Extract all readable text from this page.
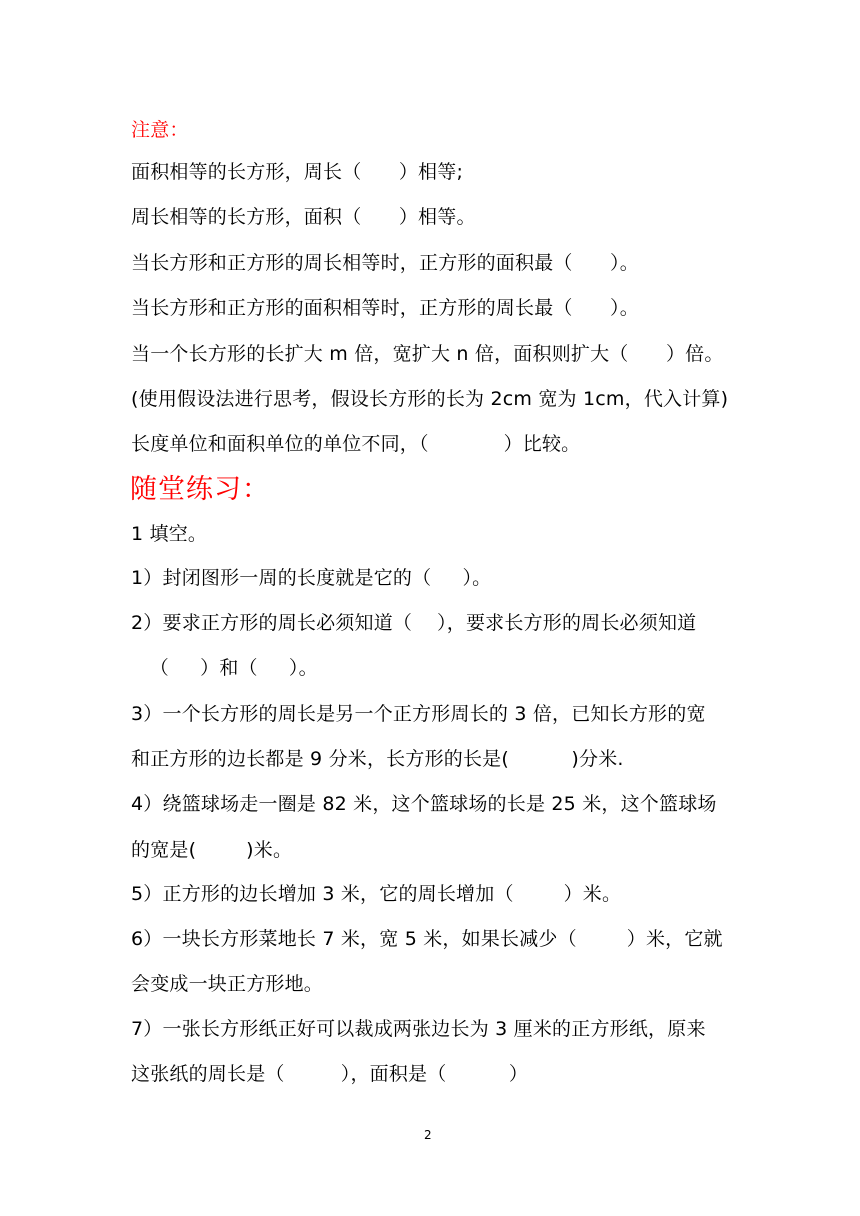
注意：
面积相等的长方形，周长（      ）相等;
周长相等的长方形，面积（      ）相等。
当长方形和正方形的周长相等时，正方形的面积最（      ）。
当长方形和正方形的面积相等时，正方形的周长最（      ）。
当一个长方形的长扩大 m 倍，宽扩大 n 倍，面积则扩大（      ）倍。
(使用假设法进行思考，假设长方形的长为 2cm 宽为 1cm，代入计算)
长度单位和面积单位的单位不同，（            ）比较。
随堂练习：
1 填空。
1）封闭图形一周的长度就是它的（     ）。
2）要求正方形的周长必须知道（    ），要求长方形的周长必须知道
（     ）和（     ）。
3）一个长方形的周长是另一个正方形周长的 3 倍，已知长方形的宽
和正方形的边长都是 9 分米，长方形的长是(          )分米.
4）绕篮球场走一圈是 82 米，这个篮球场的长是 25 米，这个篮球场
的宽是(        )米。
5）正方形的边长增加 3 米，它的周长增加（        ）米。
6）一块长方形菜地长 7 米，宽 5 米，如果长减少（        ）米，它就
会变成一块正方形地。
7）一张长方形纸正好可以裁成两张边长为 3 厘米的正方形纸，原来
这张纸的周长是（         ），面积是（          ）
2
